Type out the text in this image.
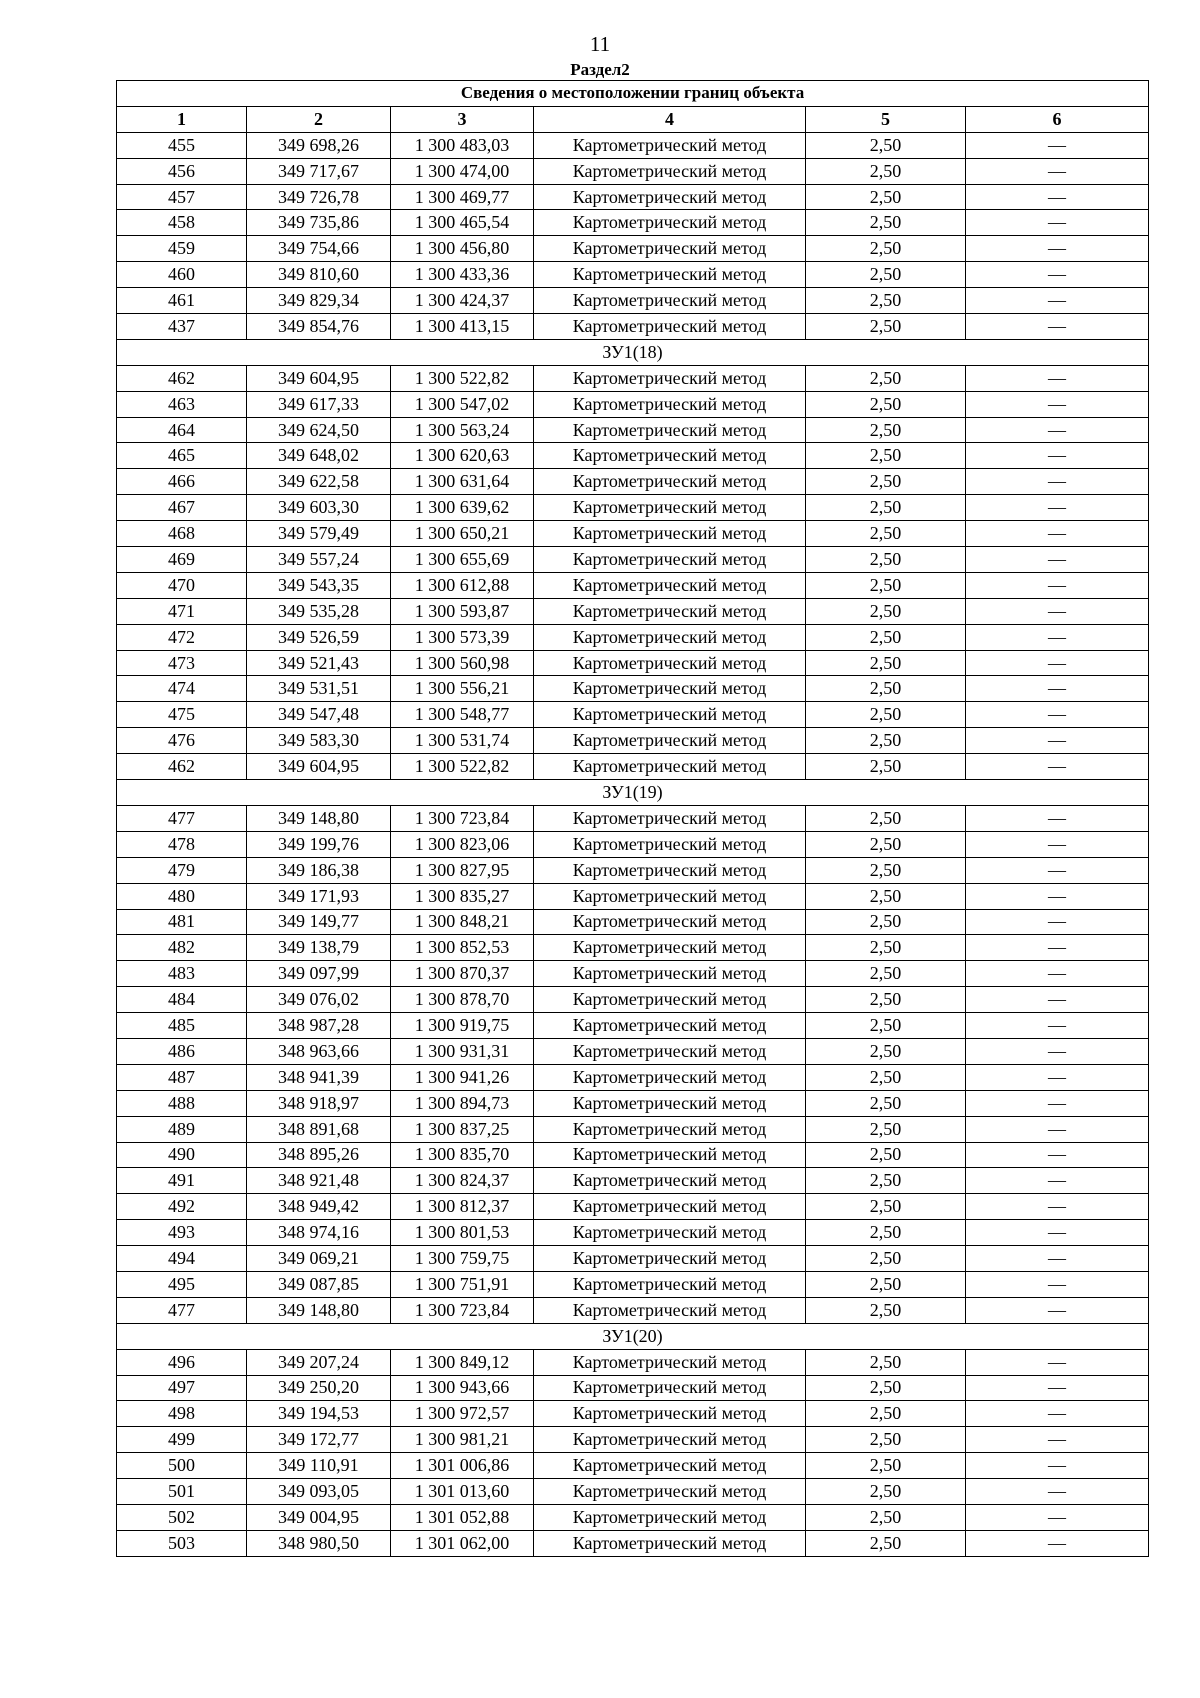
11
Раздел2
Сведения о местоположении границ объекта					
1	2	3	4	5	6
455	349 698,26	1 300 483,03	Картометрический метод	2,50	—
456	349 717,67	1 300 474,00	Картометрический метод	2,50	—
457	349 726,78	1 300 469,77	Картометрический метод	2,50	—
458	349 735,86	1 300 465,54	Картометрический метод	2,50	—
459	349 754,66	1 300 456,80	Картометрический метод	2,50	—
460	349 810,60	1 300 433,36	Картометрический метод	2,50	—
461	349 829,34	1 300 424,37	Картометрический метод	2,50	—
437	349 854,76	1 300 413,15	Картометрический метод	2,50	—
ЗУ1(18)					
462	349 604,95	1 300 522,82	Картометрический метод	2,50	—
463	349 617,33	1 300 547,02	Картометрический метод	2,50	—
464	349 624,50	1 300 563,24	Картометрический метод	2,50	—
465	349 648,02	1 300 620,63	Картометрический метод	2,50	—
466	349 622,58	1 300 631,64	Картометрический метод	2,50	—
467	349 603,30	1 300 639,62	Картометрический метод	2,50	—
468	349 579,49	1 300 650,21	Картометрический метод	2,50	—
469	349 557,24	1 300 655,69	Картометрический метод	2,50	—
470	349 543,35	1 300 612,88	Картометрический метод	2,50	—
471	349 535,28	1 300 593,87	Картометрический метод	2,50	—
472	349 526,59	1 300 573,39	Картометрический метод	2,50	—
473	349 521,43	1 300 560,98	Картометрический метод	2,50	—
474	349 531,51	1 300 556,21	Картометрический метод	2,50	—
475	349 547,48	1 300 548,77	Картометрический метод	2,50	—
476	349 583,30	1 300 531,74	Картометрический метод	2,50	—
462	349 604,95	1 300 522,82	Картометрический метод	2,50	—
ЗУ1(19)					
477	349 148,80	1 300 723,84	Картометрический метод	2,50	—
478	349 199,76	1 300 823,06	Картометрический метод	2,50	—
479	349 186,38	1 300 827,95	Картометрический метод	2,50	—
480	349 171,93	1 300 835,27	Картометрический метод	2,50	—
481	349 149,77	1 300 848,21	Картометрический метод	2,50	—
482	349 138,79	1 300 852,53	Картометрический метод	2,50	—
483	349 097,99	1 300 870,37	Картометрический метод	2,50	—
484	349 076,02	1 300 878,70	Картометрический метод	2,50	—
485	348 987,28	1 300 919,75	Картометрический метод	2,50	—
486	348 963,66	1 300 931,31	Картометрический метод	2,50	—
487	348 941,39	1 300 941,26	Картометрический метод	2,50	—
488	348 918,97	1 300 894,73	Картометрический метод	2,50	—
489	348 891,68	1 300 837,25	Картометрический метод	2,50	—
490	348 895,26	1 300 835,70	Картометрический метод	2,50	—
491	348 921,48	1 300 824,37	Картометрический метод	2,50	—
492	348 949,42	1 300 812,37	Картометрический метод	2,50	—
493	348 974,16	1 300 801,53	Картометрический метод	2,50	—
494	349 069,21	1 300 759,75	Картометрический метод	2,50	—
495	349 087,85	1 300 751,91	Картометрический метод	2,50	—
477	349 148,80	1 300 723,84	Картометрический метод	2,50	—
ЗУ1(20)					
496	349 207,24	1 300 849,12	Картометрический метод	2,50	—
497	349 250,20	1 300 943,66	Картометрический метод	2,50	—
498	349 194,53	1 300 972,57	Картометрический метод	2,50	—
499	349 172,77	1 300 981,21	Картометрический метод	2,50	—
500	349 110,91	1 301 006,86	Картометрический метод	2,50	—
501	349 093,05	1 301 013,60	Картометрический метод	2,50	—
502	349 004,95	1 301 052,88	Картометрический метод	2,50	—
503	348 980,50	1 301 062,00	Картометрический метод	2,50	—
